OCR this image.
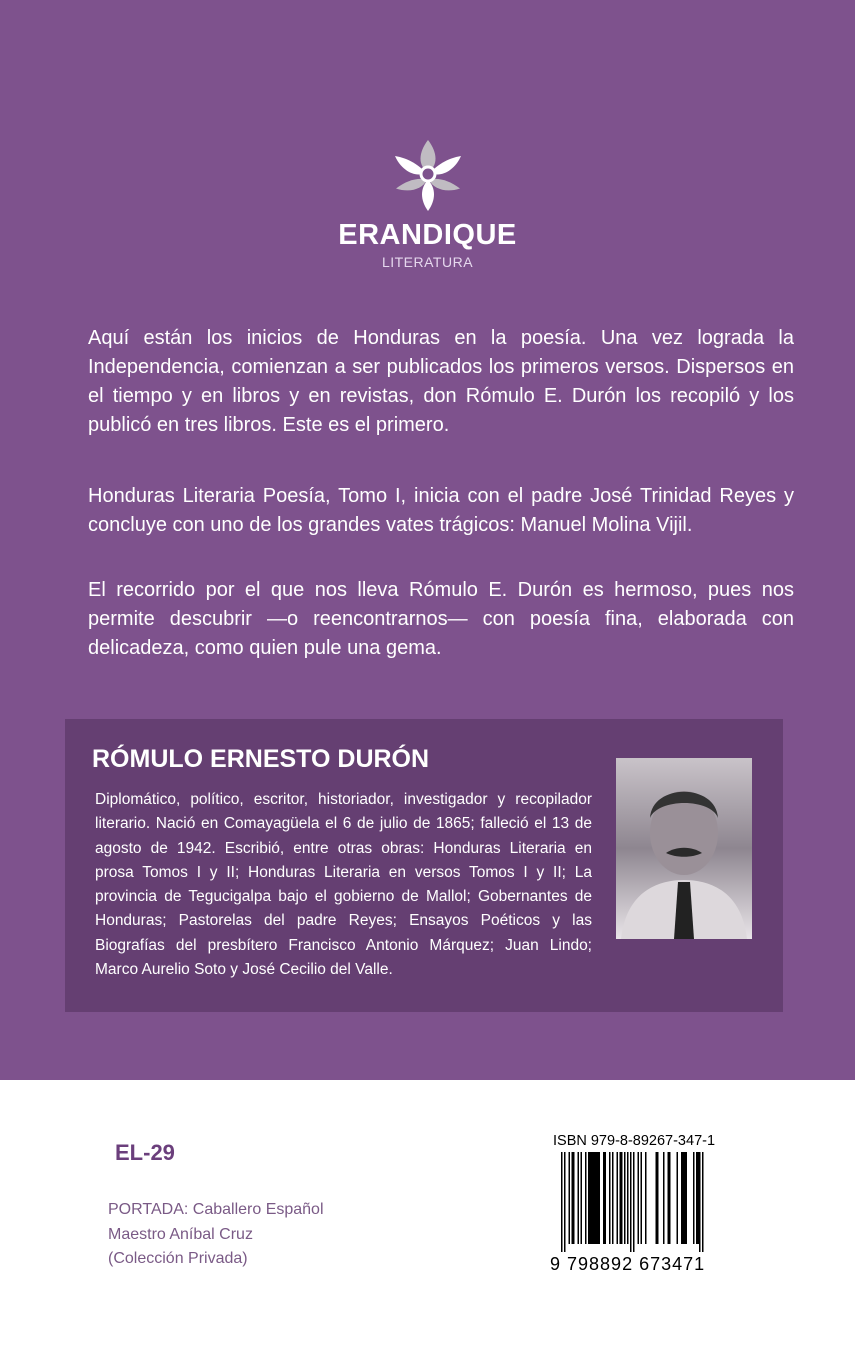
ERANDIQUE
LITERATURA

Aquí están los inicios de Honduras en la poesía. Una vez lograda la Independencia, comienzan a ser publicados los primeros versos. Dispersos en el tiempo y en libros y en revistas, don Rómulo E. Durón los recopiló y los publicó en tres libros. Este es el primero.

Honduras Literaria Poesía, Tomo I, inicia con el padre José Trinidad Reyes y concluye con uno de los grandes vates trágicos: Manuel Molina Vijil.

El recorrido por el que nos lleva Rómulo E. Durón es hermoso, pues nos permite descubrir —o reencontrarnos— con poesía fina, elaborada con delicadeza, como quien pule una gema.

RÓMULO ERNESTO DURÓN

Diplomático, político, escritor, historiador, investigador y recopilador literario. Nació en Comayagüela el 6 de julio de 1865; falleció el 13 de agosto de 1942. Escribió, entre otras obras: Honduras Literaria en prosa Tomos I y II; Honduras Literaria en versos Tomos I y II; La provincia de Tegucigalpa bajo el gobierno de Mallol; Gobernantes de Honduras; Pastorelas del padre Reyes; Ensayos Poéticos y las Biografías del presbítero Francisco Antonio Márquez; Juan Lindo; Marco Aurelio Soto y José Cecilio del Valle.

EL-29
PORTADA: Caballero Español
Maestro Aníbal Cruz
(Colección Privada)
ISBN 979-8-89267-347-1
9 798892 673471
